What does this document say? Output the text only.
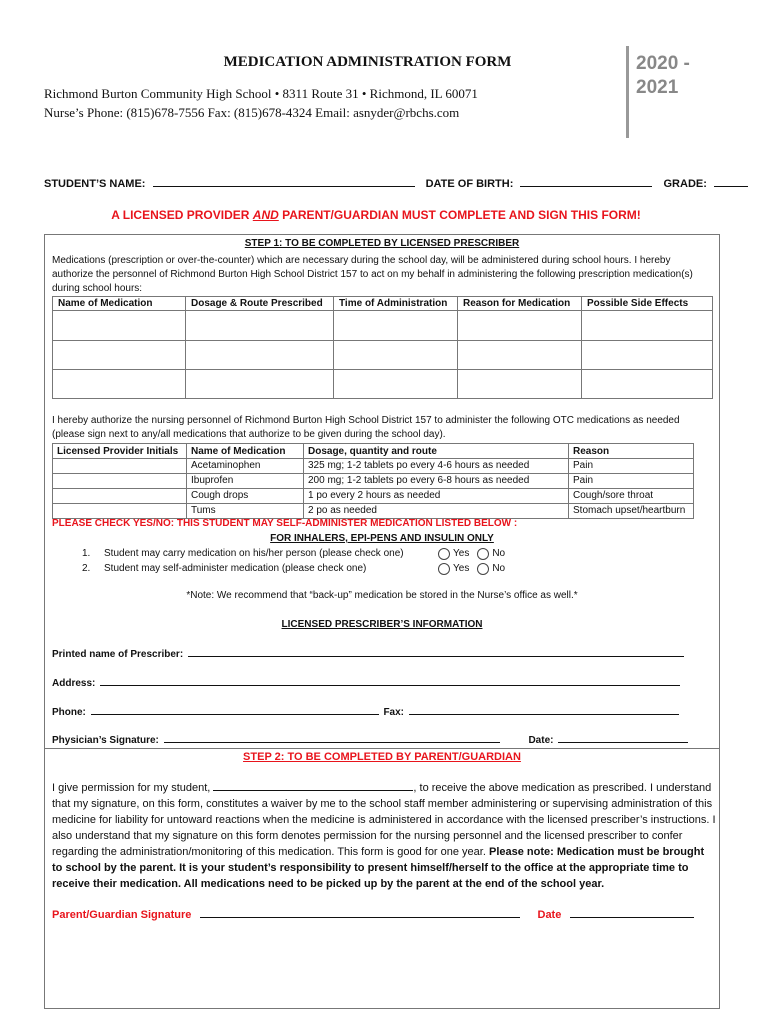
MEDICATION ADMINISTRATION FORM
Richmond Burton Community High School • 8311 Route 31 • Richmond, IL 60071
Nurse’s Phone: (815)678-7556 Fax: (815)678-4324 Email: asnyder@rbchs.com
2020 -
2021
STUDENT’S NAME:	DATE OF BIRTH:	GRADE:
A LICENSED PROVIDER AND PARENT/GUARDIAN MUST COMPLETE AND SIGN THIS FORM!
STEP 1: TO BE COMPLETED BY LICENSED PRESCRIBER
Medications (prescription or over-the-counter) which are necessary during the school day, will be administered during school hours. I hereby authorize the personnel of Richmond Burton High School District 157 to act on my behalf in administering the following prescription medication(s) during school hours:
Name of Medication	Dosage & Route Prescribed	Time of Administration	Reason for Medication	Possible Side Effects

I hereby authorize the nursing personnel of Richmond Burton High School District 157 to administer the following OTC medications as needed (please sign next to any/all medications that authorize to be given during the school day).
Licensed Provider Initials	Name of Medication	Dosage, quantity and route	Reason
	Acetaminophen	325 mg; 1-2 tablets po every 4-6 hours as needed	Pain
	Ibuprofen	200 mg; 1-2 tablets po every 6-8 hours as needed	Pain
	Cough drops	1 po every 2 hours as needed	Cough/sore throat
	Tums	2 po as needed	Stomach upset/heartburn
PLEASE CHECK YES/NO: THIS STUDENT MAY SELF-ADMINISTER MEDICATION LISTED BELOW :
FOR INHALERS, EPI-PENS AND INSULIN ONLY
1.	Student may carry medication on his/her person (please check one)	Yes No
2.	Student may self-administer medication (please check one)	Yes No
*Note: We recommend that “back-up” medication be stored in the Nurse’s office as well.*
LICENSED PRESCRIBER’S INFORMATION
Printed name of Prescriber:
Address:
Phone:	Fax:
Physician’s Signature:	Date:
STEP 2: TO BE COMPLETED BY PARENT/GUARDIAN
I give permission for my student,	, to receive the above medication as prescribed. I understand that my signature, on this form, constitutes a waiver by me to the school staff member administering or supervising administration of this medicine for liability for untoward reactions when the medicine is administered in accordance with the licensed prescriber’s instructions. I also understand that my signature on this form denotes permission for the nursing personnel and the licensed prescriber to confer regarding the administration/monitoring of this medication. This form is good for one year. Please note: Medication must be brought to school by the parent. It is your student’s responsibility to present himself/herself to the office at the appropriate time to receive their medication. All medications need to be picked up by the parent at the end of the school year.
Parent/Guardian Signature	Date
